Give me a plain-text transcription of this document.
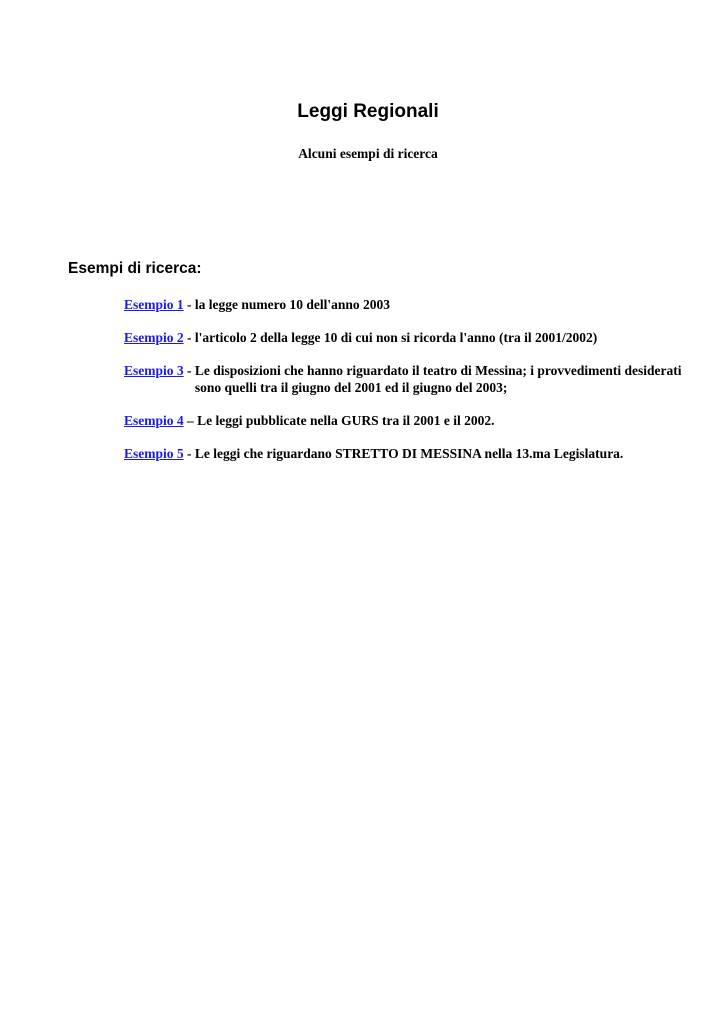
Leggi Regionali

Alcuni esempi di ricerca

Esempi di ricerca:
Esempio 1 - la legge numero 10 dell'anno 2003
Esempio 2 - l'articolo 2 della legge 10 di cui non si ricorda l'anno (tra il 2001/2002)
Esempio 3 - Le disposizioni che hanno riguardato il teatro di Messina; i provvedimenti desiderati sono quelli tra il giugno del 2001 ed il giugno del 2003;
Esempio 4 – Le leggi pubblicate nella GURS tra il 2001 e il 2002.
Esempio 5 - Le leggi che riguardano STRETTO DI MESSINA nella 13.ma Legislatura.
